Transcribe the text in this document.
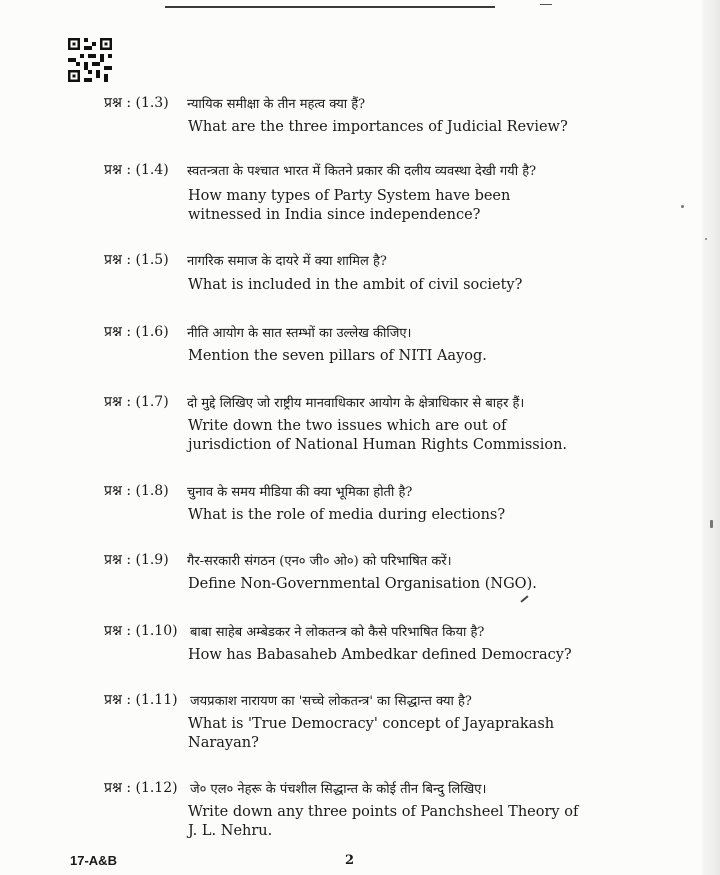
प्रश्न : (1.3) न्यायिक समीक्षा के तीन महत्व क्या हैं?
What are the three importances of Judicial Review?
प्रश्न : (1.4) स्वतन्त्रता के पश्चात भारत में कितने प्रकार की दलीय व्यवस्था देखी गयी है?
How many types of Party System have been witnessed in India since independence?
प्रश्न : (1.5) नागरिक समाज के दायरे में क्या शामिल है?
What is included in the ambit of civil society?
प्रश्न : (1.6) नीति आयोग के सात स्तम्भों का उल्लेख कीजिए।
Mention the seven pillars of NITI Aayog.
प्रश्न : (1.7) दो मुद्दे लिखिए जो राष्ट्रीय मानवाधिकार आयोग के क्षेत्राधिकार से बाहर हैं।
Write down the two issues which are out of jurisdiction of National Human Rights Commission.
प्रश्न : (1.8) चुनाव के समय मीडिया की क्या भूमिका होती है?
What is the role of media during elections?
प्रश्न : (1.9) गैर-सरकारी संगठन (एन० जी० ओ०) को परिभाषित करें।
Define Non-Governmental Organisation (NGO).
प्रश्न : (1.10) बाबा साहेब अम्बेडकर ने लोकतन्त्र को कैसे परिभाषित किया है?
How has Babasaheb Ambedkar defined Democracy?
प्रश्न : (1.11) जयप्रकाश नारायण का 'सच्चे लोकतन्त्र' का सिद्धान्त क्या है?
What is 'True Democracy' concept of Jayaprakash Narayan?
प्रश्न : (1.12) जे० एल० नेहरू के पंचशील सिद्धान्त के कोई तीन बिन्दु लिखिए।
Write down any three points of Panchsheel Theory of J. L. Nehru.
17-A&B	2
